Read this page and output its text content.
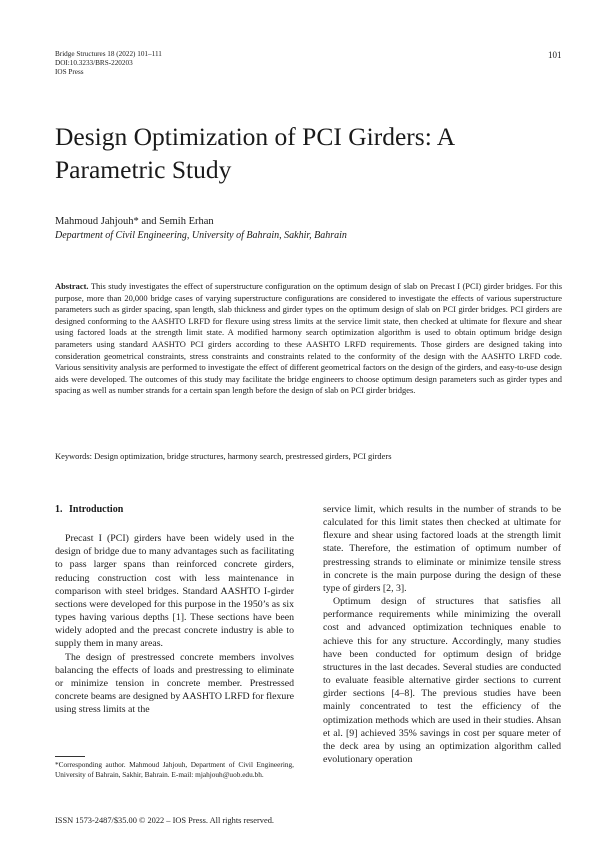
Bridge Structures 18 (2022) 101–111
DOI:10.3233/BRS-220203
IOS Press
101
Design Optimization of PCI Girders: A Parametric Study
Mahmoud Jahjouh* and Semih Erhan
Department of Civil Engineering, University of Bahrain, Sakhir, Bahrain

Abstract. This study investigates the effect of superstructure configuration on the optimum design of slab on Precast I (PCI) girder bridges. For this purpose, more than 20,000 bridge cases of varying superstructure configurations are considered to investigate the effects of various superstructure parameters such as girder spacing, span length, slab thickness and girder types on the optimum design of slab on PCI girder bridges. PCI girders are designed conforming to the AASHTO LRFD for flexure using stress limits at the service limit state, then checked at ultimate for flexure and shear using factored loads at the strength limit state. A modified harmony search optimization algorithm is used to obtain optimum bridge design parameters using standard AASHTO PCI girders according to these AASHTO LRFD requirements. Those girders are designed taking into consideration geometrical constraints, stress constraints and constraints related to the conformity of the design with the AASHTO LRFD code. Various sensitivity analysis are performed to investigate the effect of different geometrical factors on the design of the girders, and easy-to-use design aids were developed. The outcomes of this study may facilitate the bridge engineers to choose optimum design parameters such as girder types and spacing as well as number strands for a certain span length before the design of slab on PCI girder bridges.

Keywords: Design optimization, bridge structures, harmony search, prestressed girders, PCI girders
1. Introduction

Precast I (PCI) girders have been widely used in the design of bridge due to many advantages such as facilitating to pass larger spans than reinforced concrete girders, reducing construction cost with less maintenance in comparison with steel bridges. Standard AASHTO I-girder sections were developed for this purpose in the 1950’s as six types having various depths [1]. These sections have been widely adopted and the precast concrete industry is able to supply them in many areas.

The design of prestressed concrete members involves balancing the effects of loads and prestressing to eliminate or minimize tension in concrete member. Prestressed concrete beams are designed by AASHTO LRFD for flexure using stress limits at the

service limit, which results in the number of strands to be calculated for this limit states then checked at ultimate for flexure and shear using factored loads at the strength limit state. Therefore, the estimation of optimum number of prestressing strands to eliminate or minimize tensile stress in concrete is the main purpose during the design of these type of girders [2, 3].

Optimum design of structures that satisfies all performance requirements while minimizing the overall cost and advanced optimization techniques enable to achieve this for any structure. Accordingly, many studies have been conducted for optimum design of bridge structures in the last decades. Several studies are conducted to evaluate feasible alternative girder sections to current girder sections [4–8]. The previous studies have been mainly concentrated to test the efficiency of the optimization methods which are used in their studies. Ahsan et al. [9] achieved 35% savings in cost per square meter of the deck area by using an optimization algorithm called evolutionary operation

*Corresponding author. Mahmoud Jahjouh, Department of Civil Engineering, University of Bahrain, Sakhir, Bahrain. E-mail: mjahjouh@uob.edu.bh.
ISSN 1573-2487/$35.00 © 2022 – IOS Press. All rights reserved.
